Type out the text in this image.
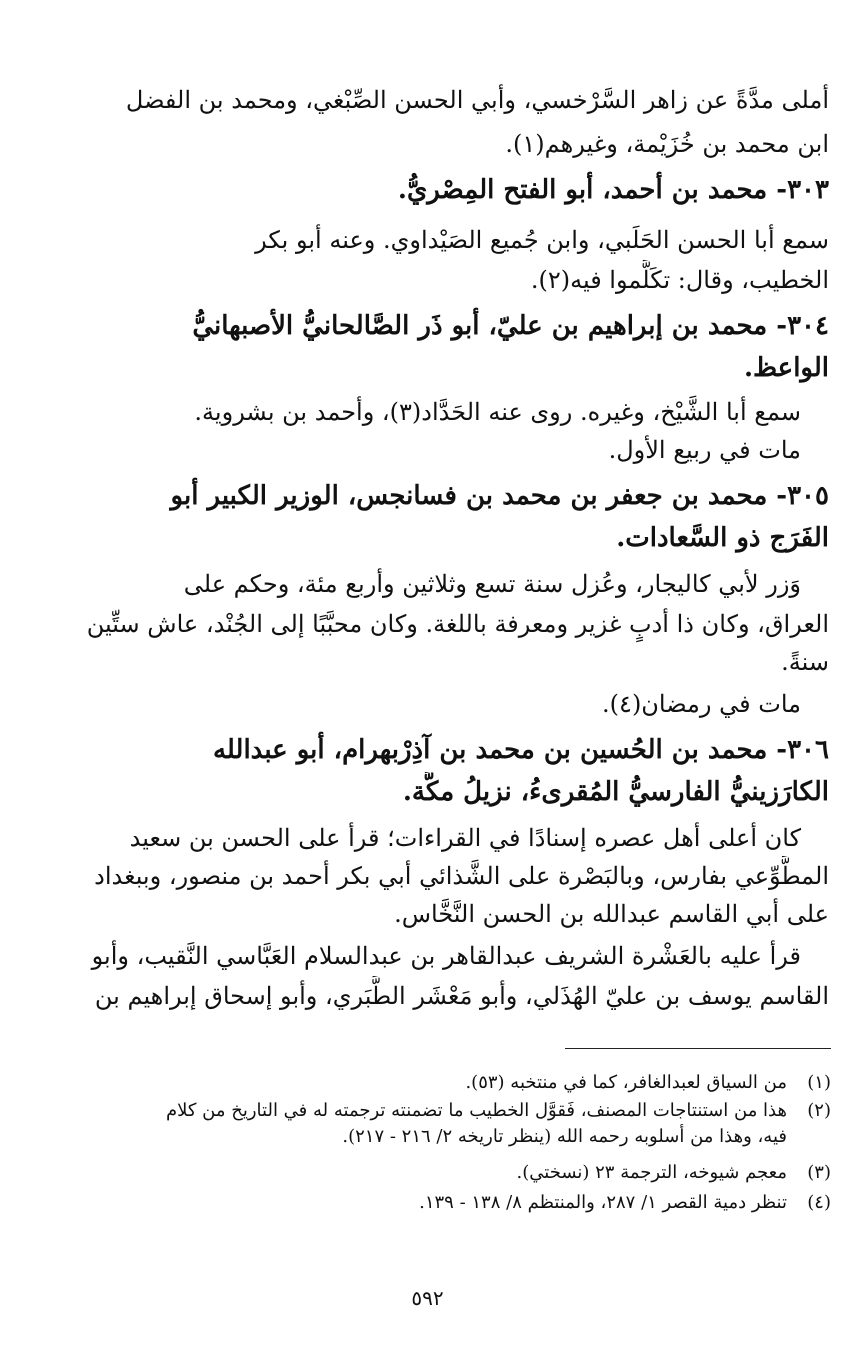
أملى مدَّةً عن زاهر السَّرْخسي، وأبي الحسن الصِّبْغي، ومحمد بن الفضل
ابن محمد بن خُزَيْمة، وغيرهم(١).
٣٠٣- محمد بن أحمد، أبو الفتح المِصْريُّ.
سمع أبا الحسن الحَلَبي، وابن جُميع الصَيْداوي. وعنه أبو بكر
الخطيب، وقال: تكَلَّموا فيه(٢).
٣٠٤- محمد بن إبراهيم بن عليّ، أبو ذَر الصَّالحانيُّ الأصبهانيُّ
الواعظ.
سمع أبا الشَّيْخ، وغيره. روى عنه الحَدَّاد(٣)، وأحمد بن بشروية.
مات في ربيع الأول.
٣٠٥- محمد بن جعفر بن محمد بن فسانجس، الوزير الكبير أبو
الفَرَج ذو السَّعادات.
وَزر لأبي كاليجار، وعُزل سنة تسع وثلاثين وأربع مئة، وحكم على
العراق، وكان ذا أدبٍ غزير ومعرفة باللغة. وكان محبَّبًا إلى الجُنْد، عاش ستِّين
سنةً.
مات في رمضان(٤).
٣٠٦- محمد بن الحُسين بن محمد بن آذِرْبهرام، أبو عبدالله
الكارَزينيُّ الفارسيُّ المُقرىءُ، نزيلُ مكَّة.
كان أعلى أهل عصره إسنادًا في القراءات؛ قرأ على الحسن بن سعيد
المطَّوِّعي بفارس، وبالبَصْرة على الشَّذائي أبي بكر أحمد بن منصور، وببغداد
على أبي القاسم عبدالله بن الحسن النَّخَّاس.
قرأ عليه بالعَشْرة الشريف عبدالقاهر بن عبدالسلام العَبَّاسي النَّقيب، وأبو
القاسم يوسف بن عليّ الهُذَلي، وأبو مَعْشَر الطَّبَري، وأبو إسحاق إبراهيم بن
(١)من السياق لعبدالغافر، كما في منتخبه (٥٣).
(٢)هذا من استنتاجات المصنف، فَقوَّل الخطيب ما تضمنته ترجمته له في التاريخ من كلام
فيه، وهذا من أسلوبه رحمه الله (ينظر تاريخه ٢/ ٢١٦ - ٢١٧).
(٣)معجم شيوخه، الترجمة ٢٣ (نسختي).
(٤)تنظر دمية القصر ١/ ٢٨٧، والمنتظم ٨/ ١٣٨ - ١٣٩.
٥٩٢
